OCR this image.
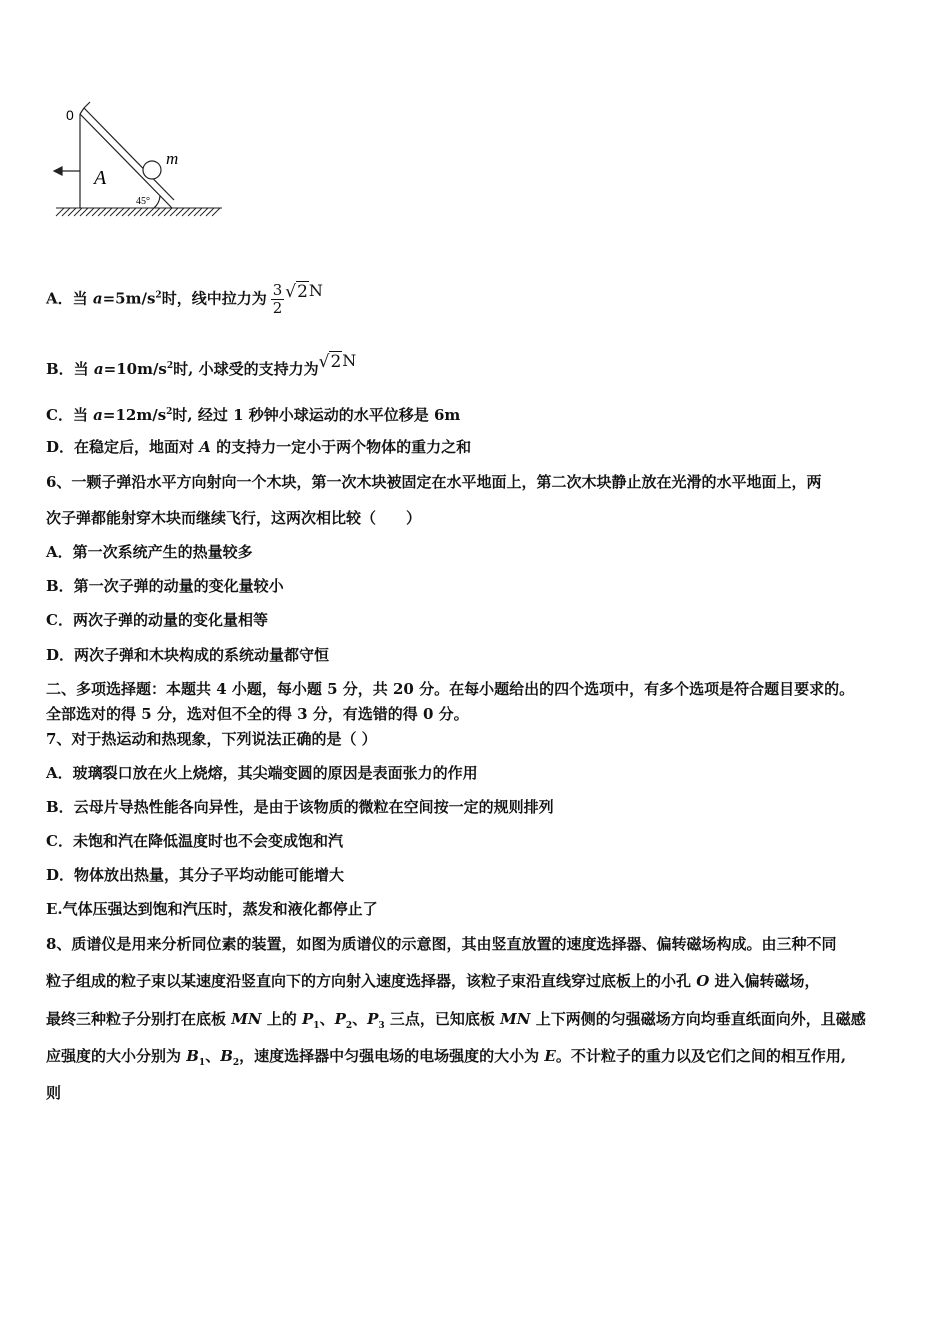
0
A
m
45°
A．当 $a=5m/s^2$时，线中拉力为 $\frac{3}{2} √2N$
B．当 $a=10m/s^2$时, 小球受的支持力为√2N
C．当 $a=12m/s^2$时, 经过 1 秒钟小球运动的水平位移是 6m
D．在稳定后，地面对 A 的支持力一定小于两个物体的重力之和
6、一颗子弹沿水平方向射向一个木块，第一次木块被固定在水平地面上，第二次木块静止放在光滑的水平地面上，两
次子弹都能射穿木块而继续飞行，这两次相比较（　　）
A．第一次系统产生的热量较多
B．第一次子弹的动量的变化量较小
C．两次子弹的动量的变化量相等
D．两次子弹和木块构成的系统动量都守恒
二、多项选择题：本题共 4 小题，每小题 5 分，共 20 分。在每小题给出的四个选项中，有多个选项是符合题目要求的。
全部选对的得 5 分，选对但不全的得 3 分，有选错的得 0 分。
7、对于热运动和热现象，下列说法正确的是（ ）
A．玻璃裂口放在火上烧熔，其尖端变圆的原因是表面张力的作用
B．云母片导热性能各向异性，是由于该物质的微粒在空间按一定的规则排列
C．未饱和汽在降低温度时也不会变成饱和汽
D．物体放出热量，其分子平均动能可能增大
E.气体压强达到饱和汽压时，蒸发和液化都停止了
8、质谱仪是用来分析同位素的装置，如图为质谱仪的示意图，其由竖直放置的速度选择器、偏转磁场构成。由三种不同
粒子组成的粒子束以某速度沿竖直向下的方向射入速度选择器，该粒子束沿直线穿过底板上的小孔 O 进入偏转磁场，
最终三种粒子分别打在底板 MN 上的 $P_1$、$P_2$、$P_3$ 三点，已知底板 MN 上下两侧的匀强磁场方向均垂直纸面向外，且磁感
应强度的大小分别为 $B_1$、$B_2$，速度选择器中匀强电场的电场强度的大小为 E。不计粒子的重力以及它们之间的相互作用,
则
